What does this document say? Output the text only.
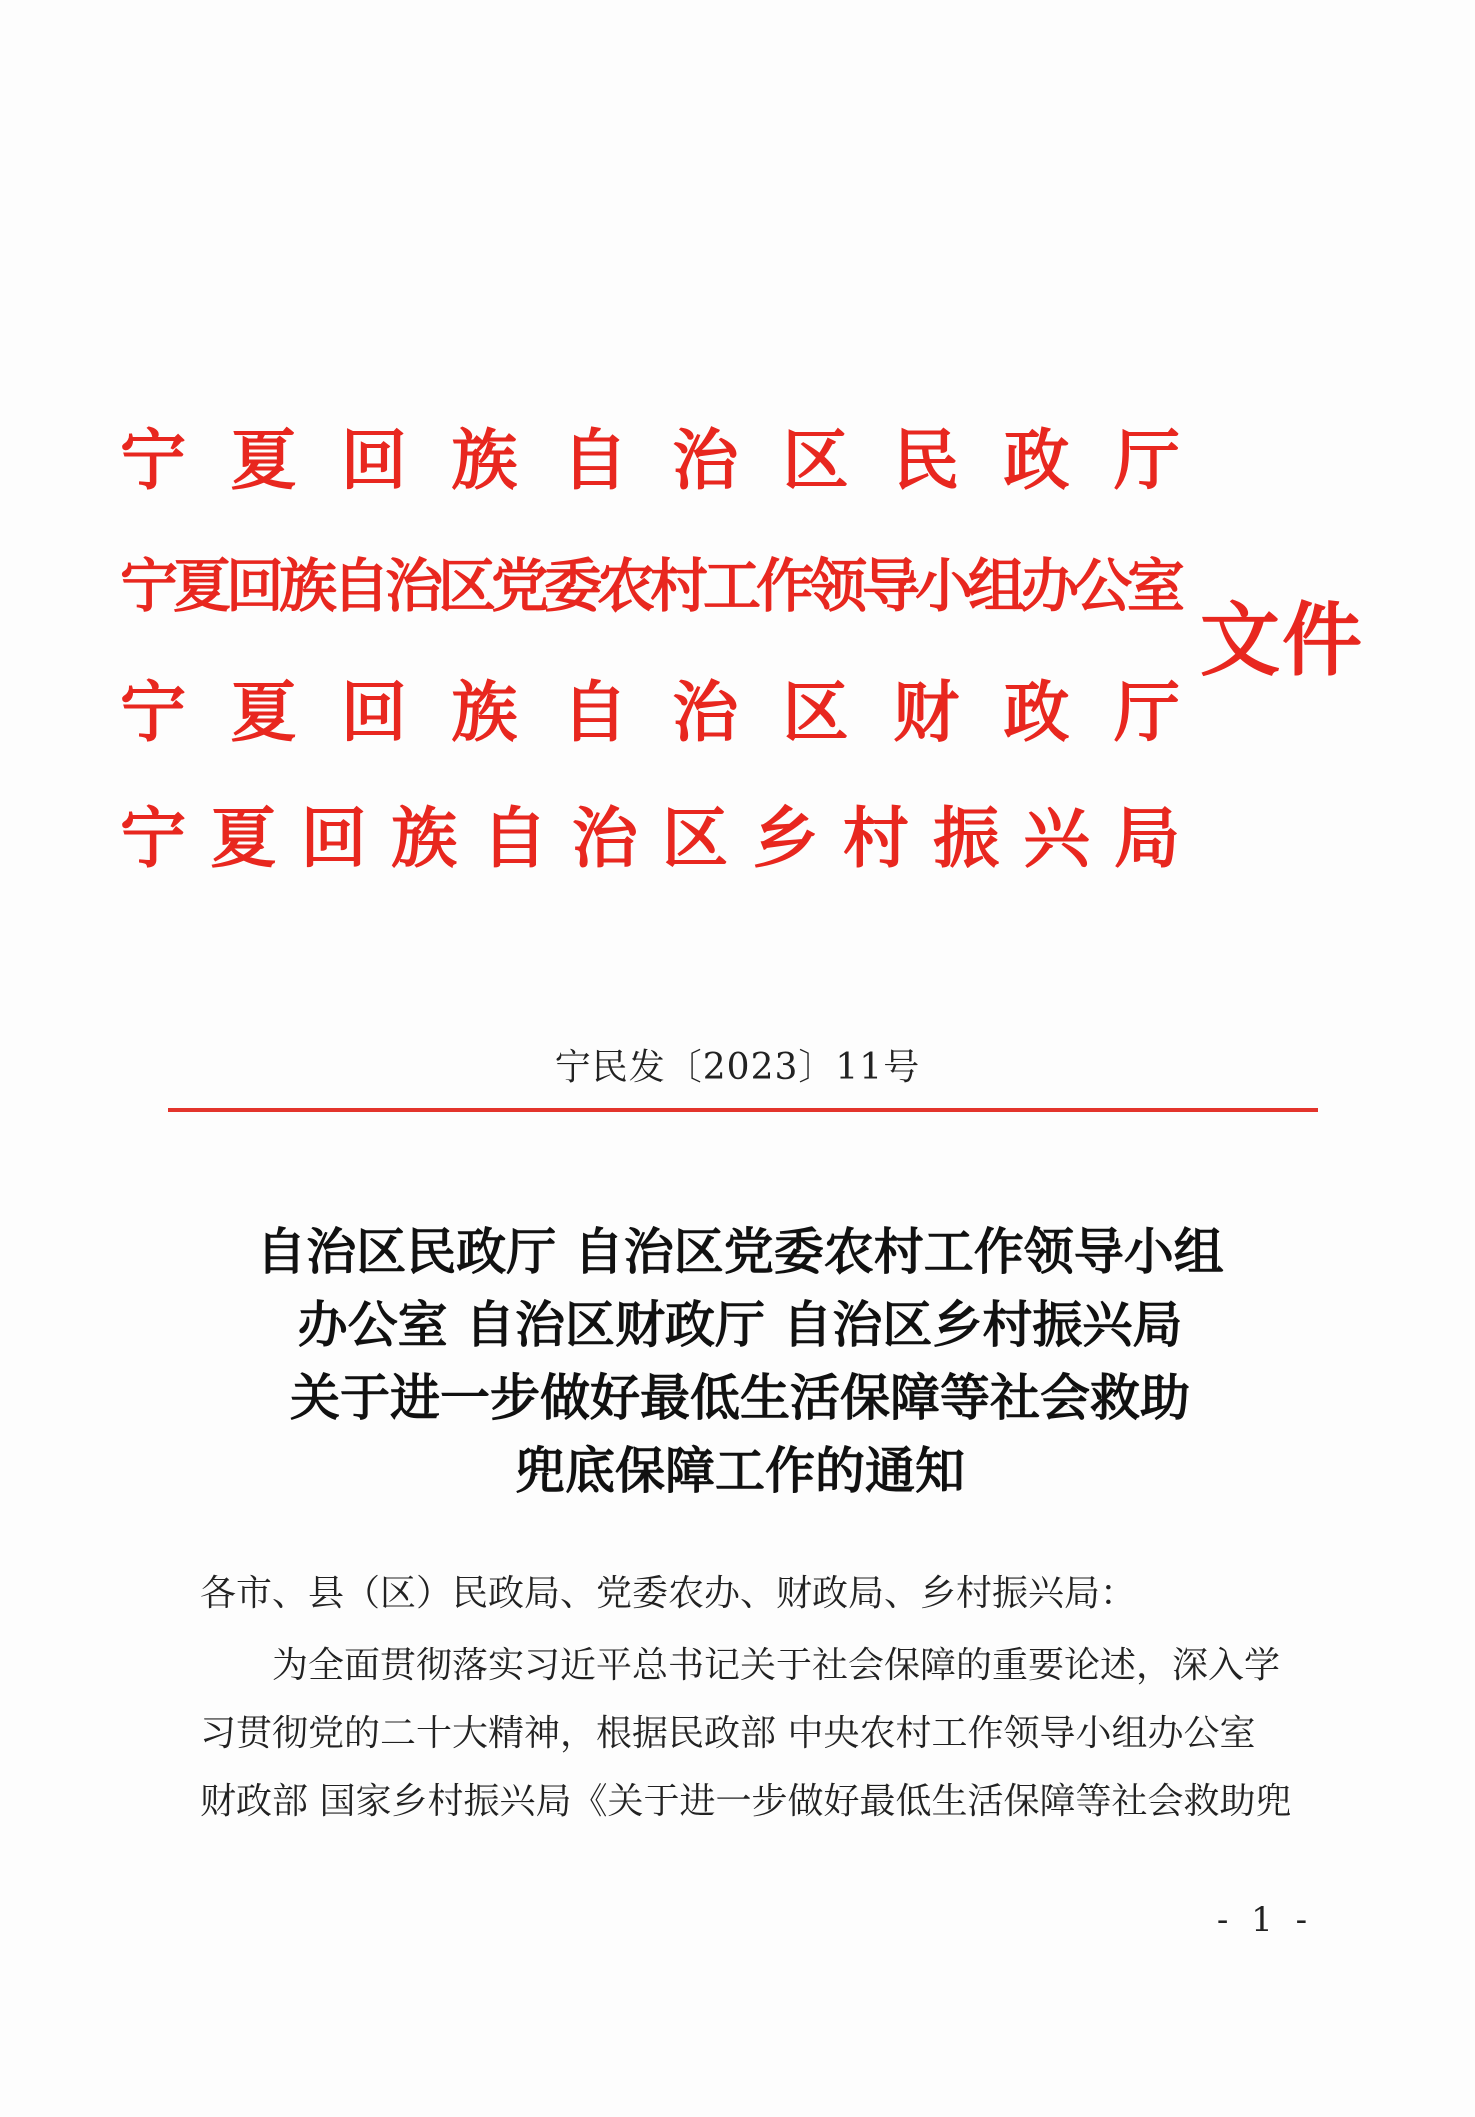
宁 夏 回 族 自 治 区 民 政 厅
宁夏回族自治区党委农村工作领导小组办公室
宁 夏 回 族 自 治 区 财 政 厅
宁 夏 回 族 自 治 区 乡 村 振 兴 局
文件
宁民发〔2023〕11号
自治区民政厅 自治区党委农村工作领导小组
办公室 自治区财政厅 自治区乡村振兴局
关于进一步做好最低生活保障等社会救助
兜底保障工作的通知
各市、县（区）民政局、党委农办、财政局、乡村振兴局：
为全面贯彻落实习近平总书记关于社会保障的重要论述，深入学
习贯彻党的二十大精神，根据民政部 中央农村工作领导小组办公室
财政部 国家乡村振兴局《关于进一步做好最低生活保障等社会救助兜
- 1 -
